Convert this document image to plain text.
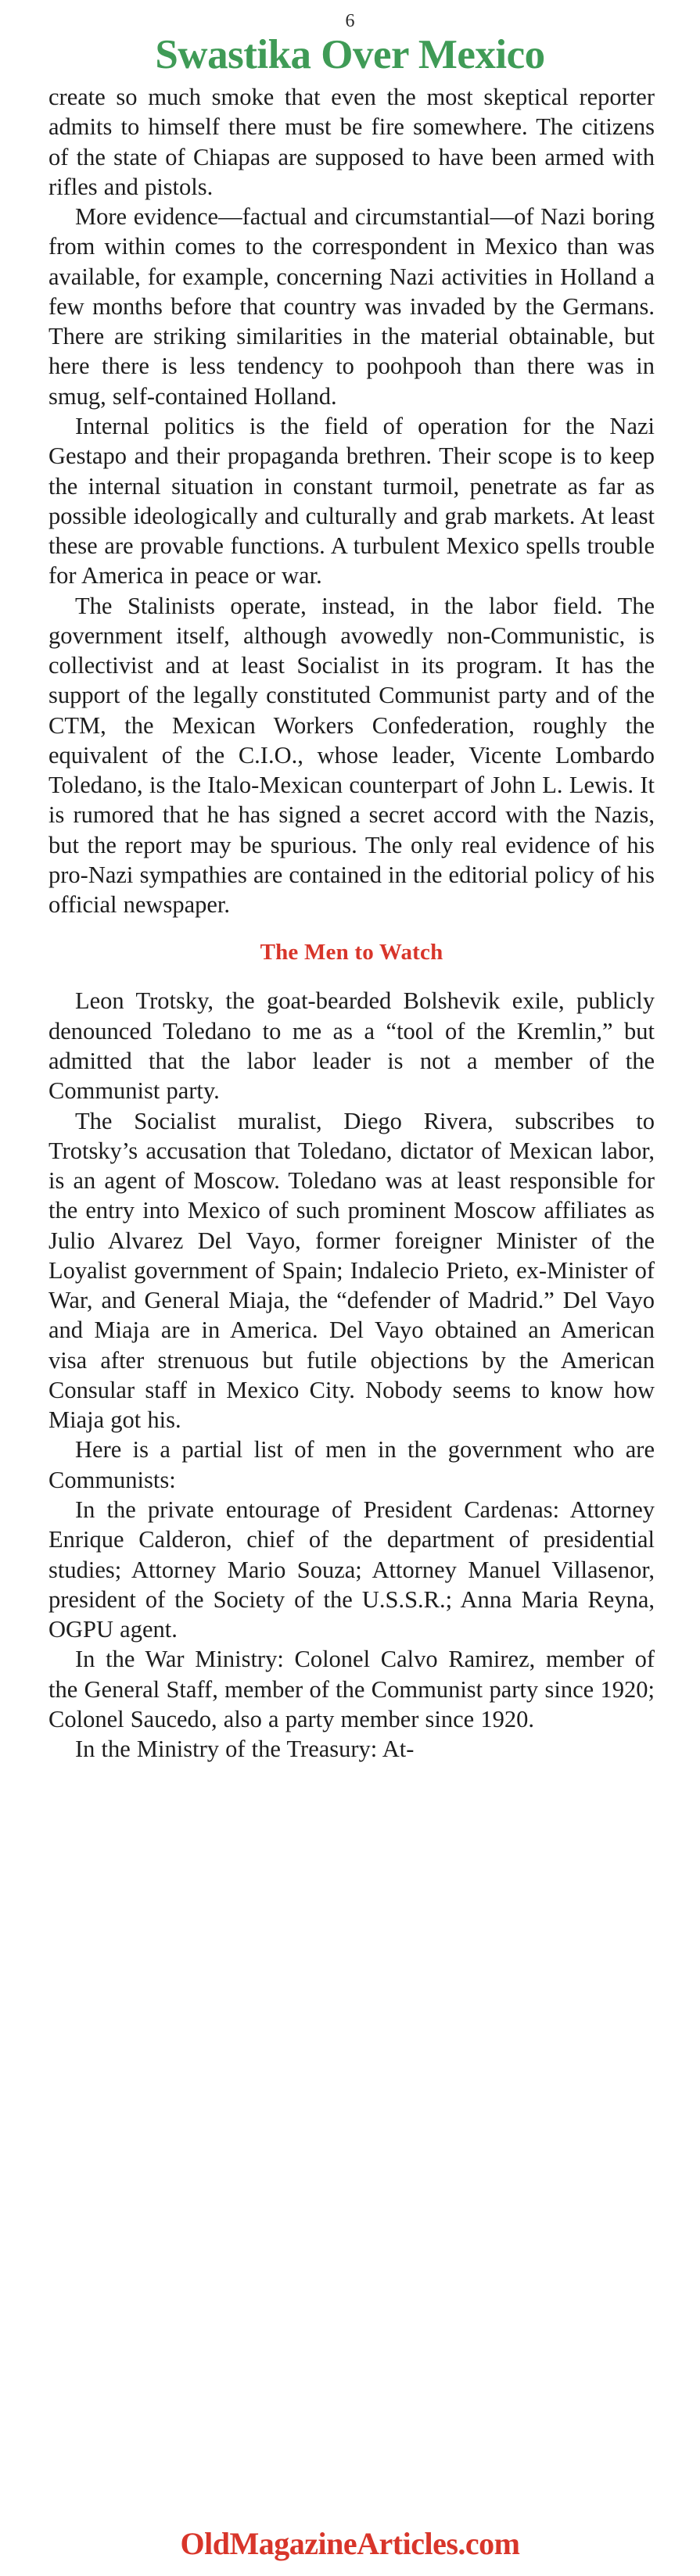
6
Swastika Over Mexico

create so much smoke that even the most skeptical reporter admits to himself there must be fire somewhere. The citizens of the state of Chiapas are supposed to have been armed with rifles and pistols.

More evidence—factual and circumstantial—of Nazi boring from within comes to the correspondent in Mexico than was available, for example, concerning Nazi activities in Holland a few months before that country was invaded by the Germans. There are striking similarities in the material obtainable, but here there is less tendency to poohpooh than there was in smug, self-contained Holland.

Internal politics is the field of operation for the Nazi Gestapo and their propaganda brethren. Their scope is to keep the internal situation in constant turmoil, penetrate as far as possible ideologically and culturally and grab markets. At least these are provable functions. A turbulent Mexico spells trouble for America in peace or war.

The Stalinists operate, instead, in the labor field. The government itself, although avowedly non-Communistic, is collectivist and at least Socialist in its program. It has the support of the legally constituted Communist party and of the CTM, the Mexican Workers Confederation, roughly the equivalent of the C.I.O., whose leader, Vicente Lombardo Toledano, is the Italo-Mexican counterpart of John L. Lewis. It is rumored that he has signed a secret accord with the Nazis, but the report may be spurious. The only real evidence of his pro-Nazi sympathies are contained in the editorial policy of his official newspaper.

The Men to Watch

Leon Trotsky, the goat-bearded Bolshevik exile, publicly denounced Toledano to me as a “tool of the Kremlin,” but admitted that the labor leader is not a member of the Communist party.

The Socialist muralist, Diego Rivera, subscribes to Trotsky’s accusation that Toledano, dictator of Mexican labor, is an agent of Moscow. Toledano was at least responsible for the entry into Mexico of such prominent Moscow affiliates as Julio Alvarez Del Vayo, former foreigner Minister of the Loyalist government of Spain; Indalecio Prieto, ex-Minister of War, and General Miaja, the “defender of Madrid.” Del Vayo and Miaja are in America. Del Vayo obtained an American visa after strenuous but futile objections by the American Consular staff in Mexico City. Nobody seems to know how Miaja got his.

Here is a partial list of men in the government who are Communists:

In the private entourage of President Cardenas: Attorney Enrique Calderon, chief of the department of presidential studies; Attorney Mario Souza; Attorney Manuel Villasenor, president of the Society of the U.S.S.R.; Anna Maria Reyna, OGPU agent.

In the War Ministry: Colonel Calvo Ramirez, member of the General Staff, member of the Communist party since 1920; Colonel Saucedo, also a party member since 1920.

In the Ministry of the Treasury: At-

OldMagazineArticles.com
